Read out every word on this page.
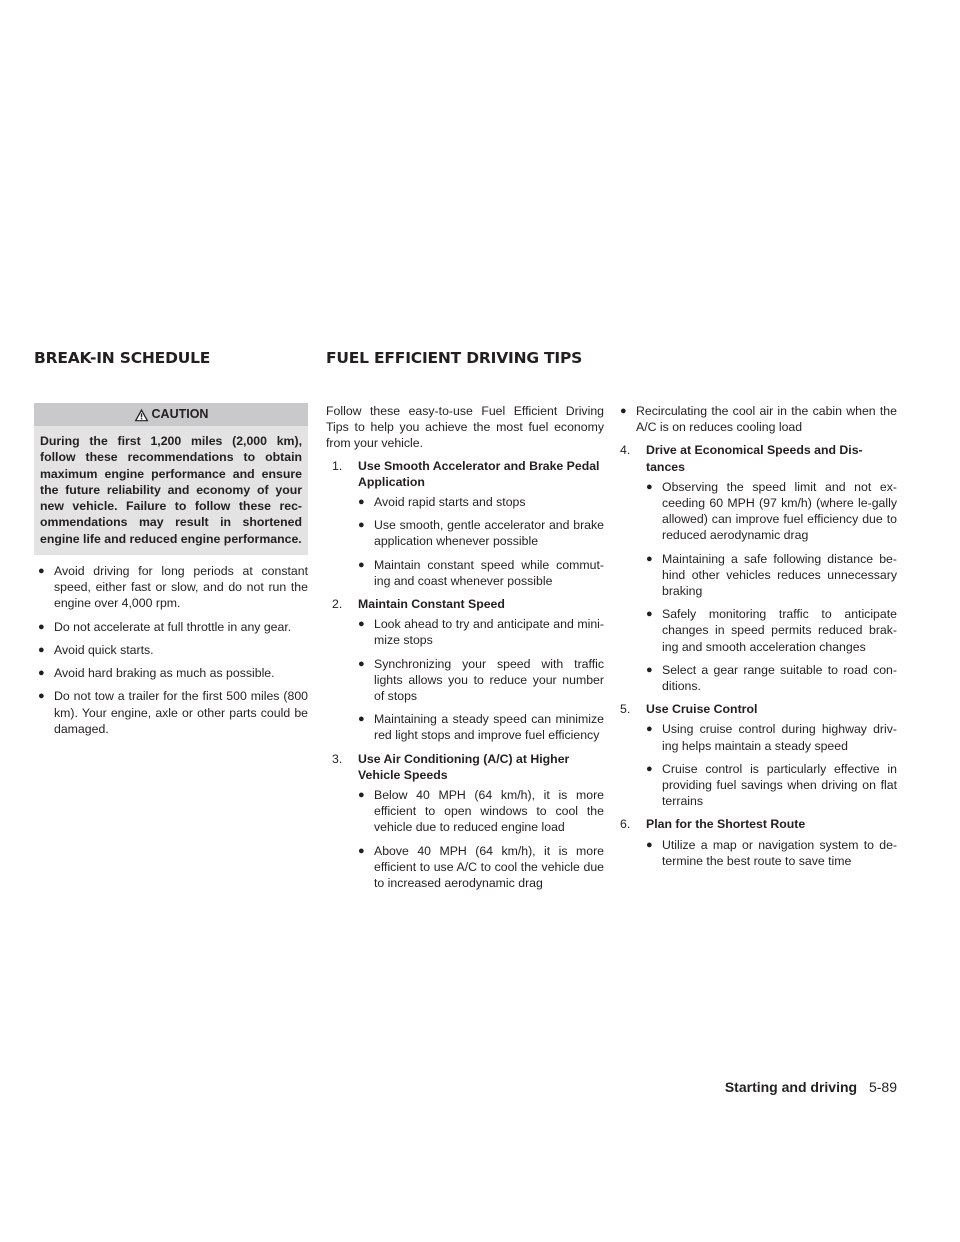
BREAK-IN SCHEDULE	FUEL EFFICIENT DRIVING TIPS
CAUTION
During the first 1,200 miles (2,000 km), follow these recommendations to obtain maximum engine performance and ensure the future reliability and economy of your new vehicle. Failure to follow these rec-ommendations may result in shortened engine life and reduced engine performance.
● Avoid driving for long periods at constant speed, either fast or slow, and do not run the engine over 4,000 rpm.
● Do not accelerate at full throttle in any gear.
● Avoid quick starts.
● Avoid hard braking as much as possible.
● Do not tow a trailer for the first 500 miles (800 km). Your engine, axle or other parts could be damaged.
Follow these easy-to-use Fuel Efficient Driving Tips to help you achieve the most fuel economy from your vehicle.
1.	Use Smooth Accelerator and Brake Pedal Application
● Avoid rapid starts and stops
● Use smooth, gentle accelerator and brake application whenever possible
● Maintain constant speed while commut-ing and coast whenever possible
2.	Maintain Constant Speed
● Look ahead to try and anticipate and mini-mize stops
● Synchronizing your speed with traffic lights allows you to reduce your number of stops
● Maintaining a steady speed can minimize red light stops and improve fuel efficiency
3.	Use Air Conditioning (A/C) at Higher Vehicle Speeds
● Below 40 MPH (64 km/h), it is more efficient to open windows to cool the vehicle due to reduced engine load
● Above 40 MPH (64 km/h), it is more efficient to use A/C to cool the vehicle due to increased aerodynamic drag
● Recirculating the cool air in the cabin when the A/C is on reduces cooling load
4.	Drive at Economical Speeds and Dis-tances
● Observing the speed limit and not ex-ceeding 60 MPH (97 km/h) (where le-gally allowed) can improve fuel efficiency due to reduced aerodynamic drag
● Maintaining a safe following distance be-hind other vehicles reduces unnecessary braking
● Safely monitoring traffic to anticipate changes in speed permits reduced brak-ing and smooth acceleration changes
● Select a gear range suitable to road con-ditions.
5.	Use Cruise Control
● Using cruise control during highway driv-ing helps maintain a steady speed
● Cruise control is particularly effective in providing fuel savings when driving on flat terrains
6.	Plan for the Shortest Route
● Utilize a map or navigation system to de-termine the best route to save time
Starting and driving 5-89
